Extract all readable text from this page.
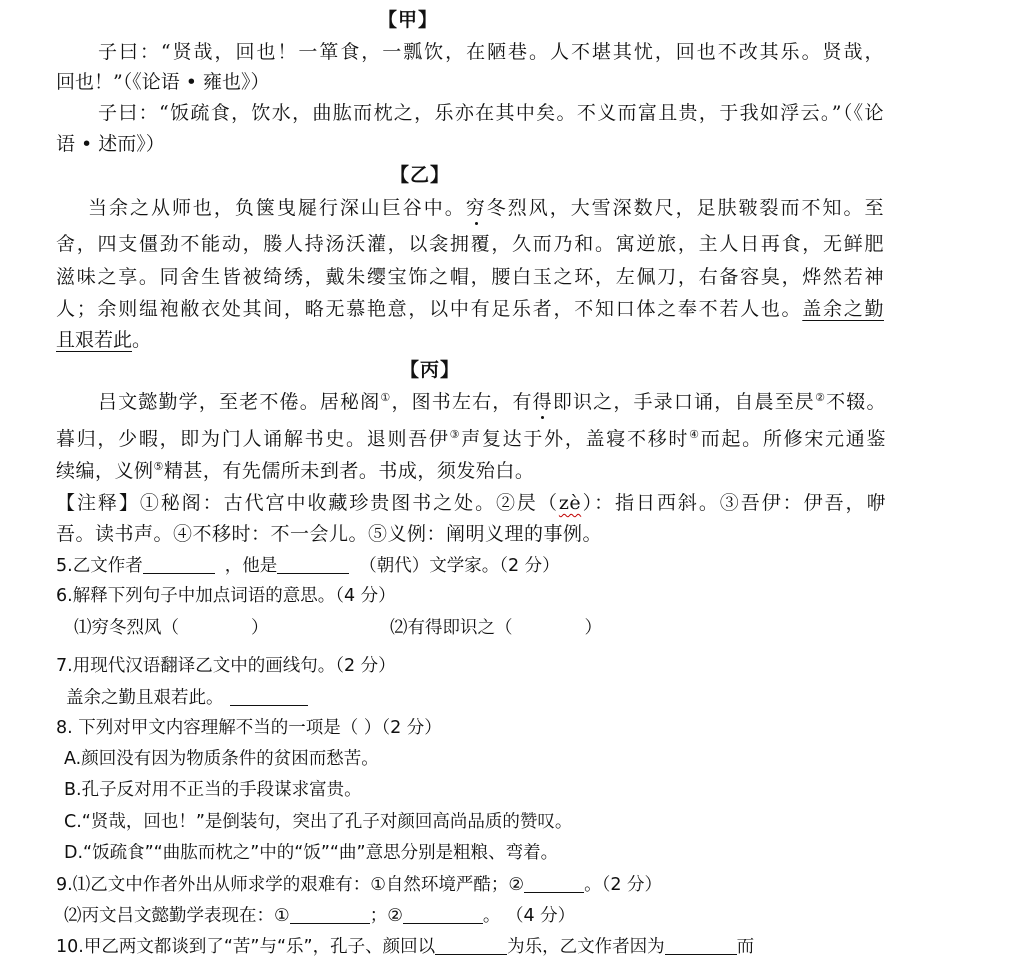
【甲】
子曰：“贤哉，回也！一箪食，一瓢饮，在陋巷。人不堪其忧，回也不改其乐。贤哉，
回也！”（《论语 • 雍也》）
子曰：“饭疏食，饮水，曲肱而枕之，乐亦在其中矣。不义而富且贵，于我如浮云。”（《论
语 • 述而》）
【乙】
当余之从师也，负箧曳屣行深山巨谷中。穷冬烈风，大雪深数尺，足肤皲裂而不知。至
舍，四支僵劲不能动，媵人持汤沃灌，以衾拥覆，久而乃和。寓逆旅，主人日再食，无鲜肥
滋味之享。同舍生皆被绮绣，戴朱缨宝饰之帽，腰白玉之环，左佩刀，右备容臭，烨然若神
人；余则缊袍敝衣处其间，略无慕艳意，以中有足乐者，不知口体之奉不若人也。盖余之勤
且艰若此。
【丙】
吕文懿勤学，至老不倦。居秘阁①，图书左右，有得即识之，手录口诵，自晨至昃②不辍。
暮归，少暇，即为门人诵解书史。退则吾伊③声复达于外，盖寝不移时④而起。所修宋元通鉴
续编，义例⑤精甚，有先儒所未到者。书成，须发殆白。
【注释】①秘阁：古代宫中收藏珍贵图书之处。②昃（zè）：指日西斜。③吾伊：伊吾，咿
吾。读书声。④不移时：不一会儿。⑤义例：阐明义理的事例。
5.乙文作者	，他是	（朝代）文学家。（2 分）
6.解释下列句子中加点词语的意思。（4 分）
⑴穷冬烈风（	）	⑵有得即识之（	）
7.用现代汉语翻译乙文中的画线句。（2 分）
盖余之勤且艰若此。
8. 下列对甲文内容理解不当的一项是（ ）（2 分）
A.颜回没有因为物质条件的贫困而愁苦。
B.孔子反对用不正当的手段谋求富贵。
C.“贤哉，回也！”是倒装句，突出了孔子对颜回高尚品质的赞叹。
D.“饭疏食”“曲肱而枕之”中的“饭”“曲”意思分别是粗粮、弯着。
9.⑴乙文中作者外出从师求学的艰难有：①自然环境严酷；②	。（2 分）
⑵丙文吕文懿勤学表现在：①	；②	。 （4 分）
10.甲乙两文都谈到了“苦”与“乐”，孔子、颜回以	为乐，乙文作者因为	而
